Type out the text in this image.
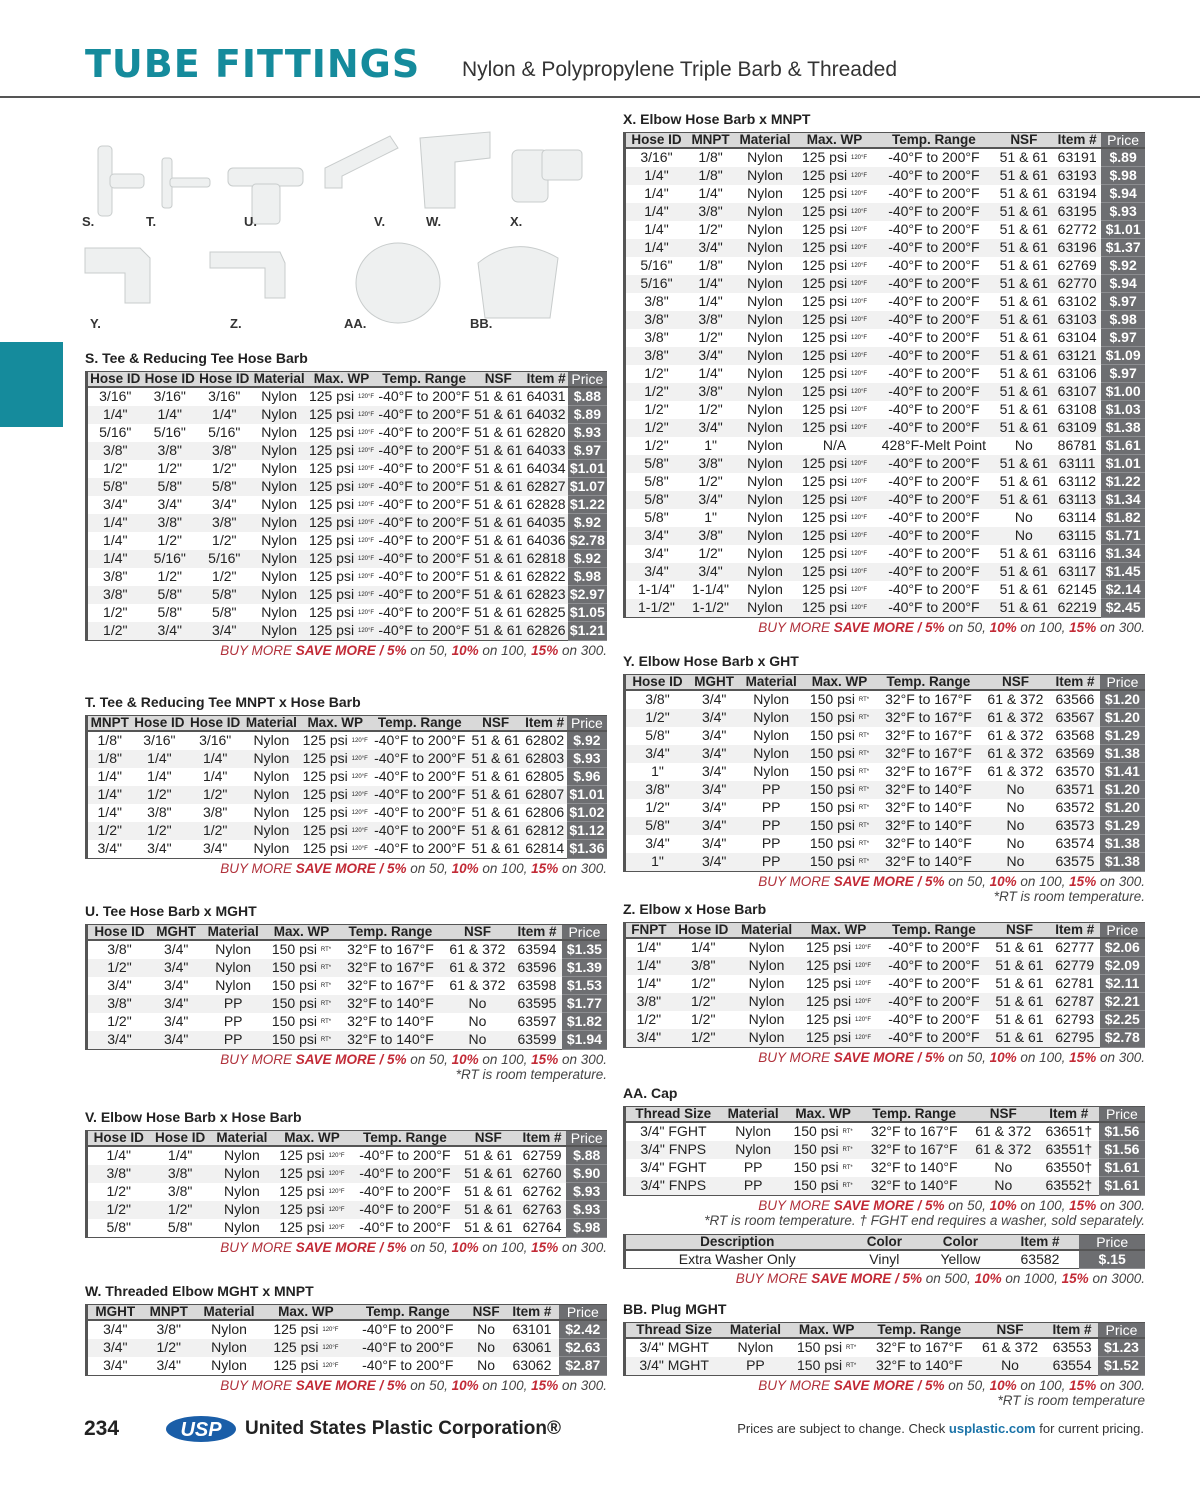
TUBE FITTINGS Nylon & Polypropylene Triple Barb & Threaded
S.	T.	U.	V.	W.	X.
Y.	Z.	AA.	BB.
S. Tee & Reducing Tee Hose Barb
Hose ID	Hose ID	Hose ID	Material	Max. WP	Temp. Range	NSF	Item #	Price
3/16"	3/16"	3/16"	Nylon	125 psi 120°F	-40°F to 200°F	51 & 61	64031	$.88
1/4"	1/4"	1/4"	Nylon	125 psi 120°F	-40°F to 200°F	51 & 61	64032	$.89
5/16"	5/16"	5/16"	Nylon	125 psi 120°F	-40°F to 200°F	51 & 61	62820	$.93
3/8"	3/8"	3/8"	Nylon	125 psi 120°F	-40°F to 200°F	51 & 61	64033	$.97
1/2"	1/2"	1/2"	Nylon	125 psi 120°F	-40°F to 200°F	51 & 61	64034	$1.01
5/8"	5/8"	5/8"	Nylon	125 psi 120°F	-40°F to 200°F	51 & 61	62827	$1.07
3/4"	3/4"	3/4"	Nylon	125 psi 120°F	-40°F to 200°F	51 & 61	62828	$1.22
1/4"	3/8"	3/8"	Nylon	125 psi 120°F	-40°F to 200°F	51 & 61	64035	$.92
1/4"	1/2"	1/2"	Nylon	125 psi 120°F	-40°F to 200°F	51 & 61	64036	$2.78
1/4"	5/16"	5/16"	Nylon	125 psi 120°F	-40°F to 200°F	51 & 61	62818	$.92
3/8"	1/2"	1/2"	Nylon	125 psi 120°F	-40°F to 200°F	51 & 61	62822	$.98
3/8"	5/8"	5/8"	Nylon	125 psi 120°F	-40°F to 200°F	51 & 61	62823	$2.97
1/2"	5/8"	5/8"	Nylon	125 psi 120°F	-40°F to 200°F	51 & 61	62825	$1.05
1/2"	3/4"	3/4"	Nylon	125 psi 120°F	-40°F to 200°F	51 & 61	62826	$1.21
BUY MORE SAVE MORE / 5% on 50, 10% on 100, 15% on 300.
T. Tee & Reducing Tee MNPT x Hose Barb
MNPT	Hose ID	Hose ID	Material	Max. WP	Temp. Range	NSF	Item #	Price
1/8"	3/16"	3/16"	Nylon	125 psi 120°F	-40°F to 200°F	51 & 61	62802	$.92
1/8"	1/4"	1/4"	Nylon	125 psi 120°F	-40°F to 200°F	51 & 61	62803	$.93
1/4"	1/4"	1/4"	Nylon	125 psi 120°F	-40°F to 200°F	51 & 61	62805	$.96
1/4"	1/2"	1/2"	Nylon	125 psi 120°F	-40°F to 200°F	51 & 61	62807	$1.01
1/4"	3/8"	3/8"	Nylon	125 psi 120°F	-40°F to 200°F	51 & 61	62806	$1.02
1/2"	1/2"	1/2"	Nylon	125 psi 120°F	-40°F to 200°F	51 & 61	62812	$1.12
3/4"	3/4"	3/4"	Nylon	125 psi 120°F	-40°F to 200°F	51 & 61	62814	$1.36
BUY MORE SAVE MORE / 5% on 50, 10% on 100, 15% on 300.
U. Tee Hose Barb x MGHT
Hose ID	MGHT	Material	Max. WP	Temp. Range	NSF	Item #	Price
3/8"	3/4"	Nylon	150 psi RT*	32°F to 167°F	61 & 372	63594	$1.35
1/2"	3/4"	Nylon	150 psi RT*	32°F to 167°F	61 & 372	63596	$1.39
3/4"	3/4"	Nylon	150 psi RT*	32°F to 167°F	61 & 372	63598	$1.53
3/8"	3/4"	PP	150 psi RT*	32°F to 140°F	No	63595	$1.77
1/2"	3/4"	PP	150 psi RT*	32°F to 140°F	No	63597	$1.82
3/4"	3/4"	PP	150 psi RT*	32°F to 140°F	No	63599	$1.94
BUY MORE SAVE MORE / 5% on 50, 10% on 100, 15% on 300.
*RT is room temperature.
V. Elbow Hose Barb x Hose Barb
Hose ID	Hose ID	Material	Max. WP	Temp. Range	NSF	Item #	Price
1/4"	1/4"	Nylon	125 psi 120°F	-40°F to 200°F	51 & 61	62759	$.88
3/8"	3/8"	Nylon	125 psi 120°F	-40°F to 200°F	51 & 61	62760	$.90
1/2"	3/8"	Nylon	125 psi 120°F	-40°F to 200°F	51 & 61	62762	$.93
1/2"	1/2"	Nylon	125 psi 120°F	-40°F to 200°F	51 & 61	62763	$.93
5/8"	5/8"	Nylon	125 psi 120°F	-40°F to 200°F	51 & 61	62764	$.98
BUY MORE SAVE MORE / 5% on 50, 10% on 100, 15% on 300.
W. Threaded Elbow MGHT x MNPT
MGHT	MNPT	Material	Max. WP	Temp. Range	NSF	Item #	Price
3/4"	3/8"	Nylon	125 psi 120°F	-40°F to 200°F	No	63101	$2.42
3/4"	1/2"	Nylon	125 psi 120°F	-40°F to 200°F	No	63061	$2.63
3/4"	3/4"	Nylon	125 psi 120°F	-40°F to 200°F	No	63062	$2.87
BUY MORE SAVE MORE / 5% on 50, 10% on 100, 15% on 300.
X. Elbow Hose Barb x MNPT
Hose ID	MNPT	Material	Max. WP	Temp. Range	NSF	Item #	Price
3/16"	1/8"	Nylon	125 psi 120°F	-40°F to 200°F	51 & 61	63191	$.89
1/4"	1/8"	Nylon	125 psi 120°F	-40°F to 200°F	51 & 61	63193	$.98
1/4"	1/4"	Nylon	125 psi 120°F	-40°F to 200°F	51 & 61	63194	$.94
1/4"	3/8"	Nylon	125 psi 120°F	-40°F to 200°F	51 & 61	63195	$.93
1/4"	1/2"	Nylon	125 psi 120°F	-40°F to 200°F	51 & 61	62772	$1.01
1/4"	3/4"	Nylon	125 psi 120°F	-40°F to 200°F	51 & 61	63196	$1.37
5/16"	1/8"	Nylon	125 psi 120°F	-40°F to 200°F	51 & 61	62769	$.92
5/16"	1/4"	Nylon	125 psi 120°F	-40°F to 200°F	51 & 61	62770	$.94
3/8"	1/4"	Nylon	125 psi 120°F	-40°F to 200°F	51 & 61	63102	$.97
3/8"	3/8"	Nylon	125 psi 120°F	-40°F to 200°F	51 & 61	63103	$.98
3/8"	1/2"	Nylon	125 psi 120°F	-40°F to 200°F	51 & 61	63104	$.97
3/8"	3/4"	Nylon	125 psi 120°F	-40°F to 200°F	51 & 61	63121	$1.09
1/2"	1/4"	Nylon	125 psi 120°F	-40°F to 200°F	51 & 61	63106	$.97
1/2"	3/8"	Nylon	125 psi 120°F	-40°F to 200°F	51 & 61	63107	$1.00
1/2"	1/2"	Nylon	125 psi 120°F	-40°F to 200°F	51 & 61	63108	$1.03
1/2"	3/4"	Nylon	125 psi 120°F	-40°F to 200°F	51 & 61	63109	$1.38
1/2"	1"	Nylon	N/A	428°F-Melt Point	No	86781	$1.61
5/8"	3/8"	Nylon	125 psi 120°F	-40°F to 200°F	51 & 61	63111	$1.01
5/8"	1/2"	Nylon	125 psi 120°F	-40°F to 200°F	51 & 61	63112	$1.22
5/8"	3/4"	Nylon	125 psi 120°F	-40°F to 200°F	51 & 61	63113	$1.34
5/8"	1"	Nylon	125 psi 120°F	-40°F to 200°F	No	63114	$1.82
3/4"	3/8"	Nylon	125 psi 120°F	-40°F to 200°F	No	63115	$1.71
3/4"	1/2"	Nylon	125 psi 120°F	-40°F to 200°F	51 & 61	63116	$1.34
3/4"	3/4"	Nylon	125 psi 120°F	-40°F to 200°F	51 & 61	63117	$1.45
1-1/4"	1-1/4"	Nylon	125 psi 120°F	-40°F to 200°F	51 & 61	62145	$2.14
1-1/2"	1-1/2"	Nylon	125 psi 120°F	-40°F to 200°F	51 & 61	62219	$2.45
BUY MORE SAVE MORE / 5% on 50, 10% on 100, 15% on 300.
Y. Elbow Hose Barb x GHT
Hose ID	MGHT	Material	Max. WP	Temp. Range	NSF	Item #	Price
3/8"	3/4"	Nylon	150 psi RT*	32°F to 167°F	61 & 372	63566	$1.20
1/2"	3/4"	Nylon	150 psi RT*	32°F to 167°F	61 & 372	63567	$1.20
5/8"	3/4"	Nylon	150 psi RT*	32°F to 167°F	61 & 372	63568	$1.29
3/4"	3/4"	Nylon	150 psi RT*	32°F to 167°F	61 & 372	63569	$1.38
1"	3/4"	Nylon	150 psi RT*	32°F to 167°F	61 & 372	63570	$1.41
3/8"	3/4"	PP	150 psi RT*	32°F to 140°F	No	63571	$1.20
1/2"	3/4"	PP	150 psi RT*	32°F to 140°F	No	63572	$1.20
5/8"	3/4"	PP	150 psi RT*	32°F to 140°F	No	63573	$1.29
3/4"	3/4"	PP	150 psi RT*	32°F to 140°F	No	63574	$1.38
1"	3/4"	PP	150 psi RT*	32°F to 140°F	No	63575	$1.38
BUY MORE SAVE MORE / 5% on 50, 10% on 100, 15% on 300.
*RT is room temperature.
Z. Elbow x Hose Barb
FNPT	Hose ID	Material	Max. WP	Temp. Range	NSF	Item #	Price
1/4"	1/4"	Nylon	125 psi 120°F	-40°F to 200°F	51 & 61	62777	$2.06
1/4"	3/8"	Nylon	125 psi 120°F	-40°F to 200°F	51 & 61	62779	$2.09
1/4"	1/2"	Nylon	125 psi 120°F	-40°F to 200°F	51 & 61	62781	$2.11
3/8"	1/2"	Nylon	125 psi 120°F	-40°F to 200°F	51 & 61	62787	$2.21
1/2"	1/2"	Nylon	125 psi 120°F	-40°F to 200°F	51 & 61	62793	$2.25
3/4"	1/2"	Nylon	125 psi 120°F	-40°F to 200°F	51 & 61	62795	$2.78
BUY MORE SAVE MORE / 5% on 50, 10% on 100, 15% on 300.
AA. Cap
Thread Size	Material	Max. WP	Temp. Range	NSF	Item #	Price
3/4" FGHT	Nylon	150 psi RT*	32°F to 167°F	61 & 372	63651†	$1.56
3/4" FNPS	Nylon	150 psi RT*	32°F to 167°F	61 & 372	63551†	$1.56
3/4" FGHT	PP	150 psi RT*	32°F to 140°F	No	63550†	$1.61
3/4" FNPS	PP	150 psi RT*	32°F to 140°F	No	63552†	$1.61
BUY MORE SAVE MORE / 5% on 50, 10% on 100, 15% on 300.
*RT is room temperature. † FGHT end requires a washer, sold separately.
Description	Color	Color	Item #	Price
Extra Washer Only	Vinyl	Yellow	63582	$.15
BUY MORE SAVE MORE / 5% on 500, 10% on 1000, 15% on 3000.
BB. Plug MGHT
Thread Size	Material	Max. WP	Temp. Range	NSF	Item #	Price
3/4" MGHT	Nylon	150 psi RT*	32°F to 167°F	61 & 372	63553	$1.23
3/4" MGHT	PP	150 psi RT*	32°F to 140°F	No	63554	$1.52
BUY MORE SAVE MORE / 5% on 50, 10% on 100, 15% on 300.
*RT is room temperature
234	USP United States Plastic Corporation®	Prices are subject to change. Check usplastic.com for current pricing.
